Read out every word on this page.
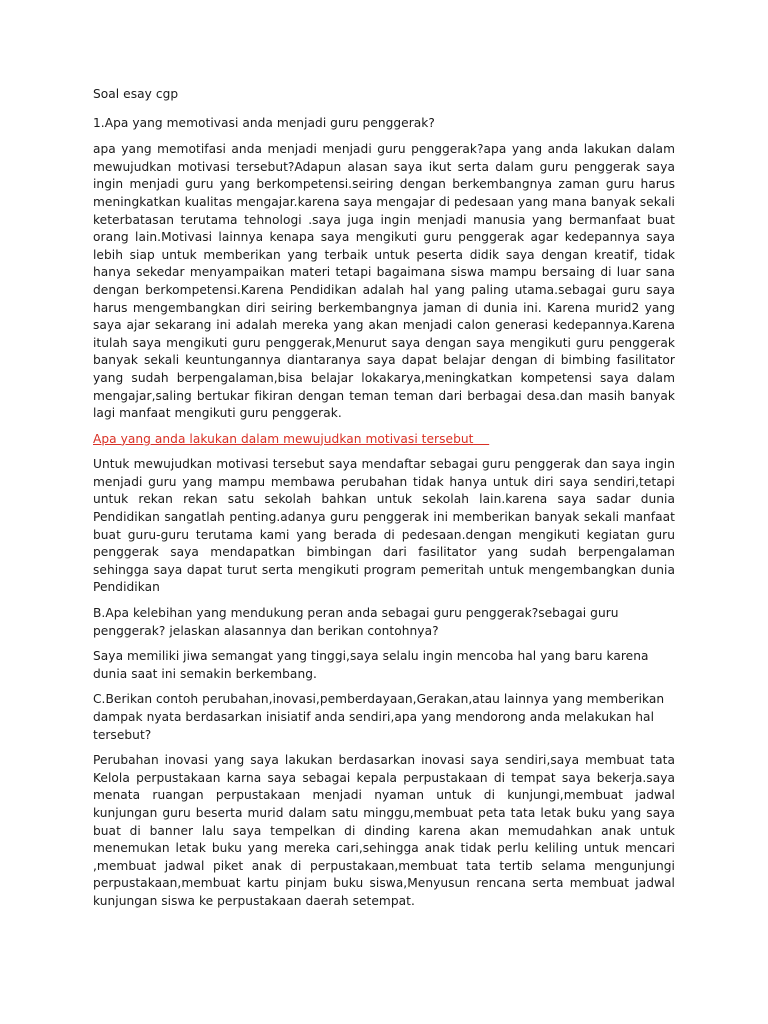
Soal esay cgp

1.Apa yang memotivasi anda menjadi guru penggerak?

apa yang memotifasi anda menjadi menjadi guru penggerak?apa yang anda lakukan dalam mewujudkan motivasi tersebut?Adapun alasan saya ikut serta dalam guru penggerak saya ingin menjadi guru yang berkompetensi.seiring dengan berkembangnya zaman guru harus meningkatkan kualitas mengajar.karena saya mengajar di pedesaan yang mana banyak sekali keterbatasan terutama tehnologi .saya juga ingin menjadi manusia yang bermanfaat buat orang lain.Motivasi lainnya kenapa saya mengikuti guru penggerak agar kedepannya saya lebih siap untuk memberikan yang terbaik untuk peserta didik saya dengan kreatif, tidak hanya sekedar menyampaikan materi tetapi bagaimana siswa mampu bersaing di luar sana dengan berkompetensi.Karena Pendidikan adalah hal yang paling utama.sebagai guru saya harus mengembangkan diri seiring berkembangnya jaman di dunia ini. Karena murid2 yang saya ajar sekarang ini adalah mereka yang akan menjadi calon generasi kedepannya.Karena itulah saya mengikuti guru penggerak,Menurut saya dengan saya mengikuti guru penggerak banyak sekali keuntungannya diantaranya saya dapat belajar dengan di bimbing fasilitator yang sudah berpengalaman,bisa belajar lokakarya,meningkatkan kompetensi saya dalam mengajar,saling bertukar fikiran dengan teman teman dari berbagai desa.dan masih banyak lagi manfaat mengikuti guru penggerak.

Apa yang anda lakukan dalam mewujudkan motivasi tersebut

Untuk mewujudkan motivasi tersebut saya mendaftar sebagai guru penggerak dan saya ingin menjadi guru yang mampu membawa perubahan tidak hanya untuk diri saya sendiri,tetapi untuk rekan rekan satu sekolah bahkan untuk sekolah lain.karena saya sadar dunia Pendidikan sangatlah penting.adanya guru penggerak ini memberikan banyak sekali manfaat buat guru-guru terutama kami yang berada di pedesaan.dengan mengikuti kegiatan guru penggerak saya mendapatkan bimbingan dari fasilitator yang sudah berpengalaman sehingga saya dapat turut serta mengikuti program pemeritah untuk mengembangkan dunia Pendidikan

B.Apa kelebihan yang mendukung peran anda sebagai guru penggerak?sebagai guru penggerak? jelaskan alasannya dan berikan contohnya?

Saya memiliki jiwa semangat yang tinggi,saya selalu ingin mencoba hal yang baru karena dunia saat ini semakin berkembang.

C.Berikan contoh perubahan,inovasi,pemberdayaan,Gerakan,atau lainnya yang memberikan dampak nyata berdasarkan inisiatif anda sendiri,apa yang mendorong anda melakukan hal tersebut?

Perubahan inovasi yang saya lakukan berdasarkan inovasi saya sendiri,saya membuat tata Kelola perpustakaan karna saya sebagai kepala perpustakaan di tempat saya bekerja.saya menata ruangan perpustakaan menjadi nyaman untuk di kunjungi,membuat jadwal kunjungan guru beserta murid dalam satu minggu,membuat peta tata letak buku yang saya buat di banner lalu saya tempelkan di dinding karena akan memudahkan anak untuk menemukan letak buku yang mereka cari,sehingga anak tidak perlu keliling untuk mencari ,membuat jadwal piket anak di perpustakaan,membuat tata tertib selama mengunjungi perpustakaan,membuat kartu pinjam buku siswa,Menyusun rencana serta membuat jadwal kunjungan siswa ke perpustakaan daerah setempat.
